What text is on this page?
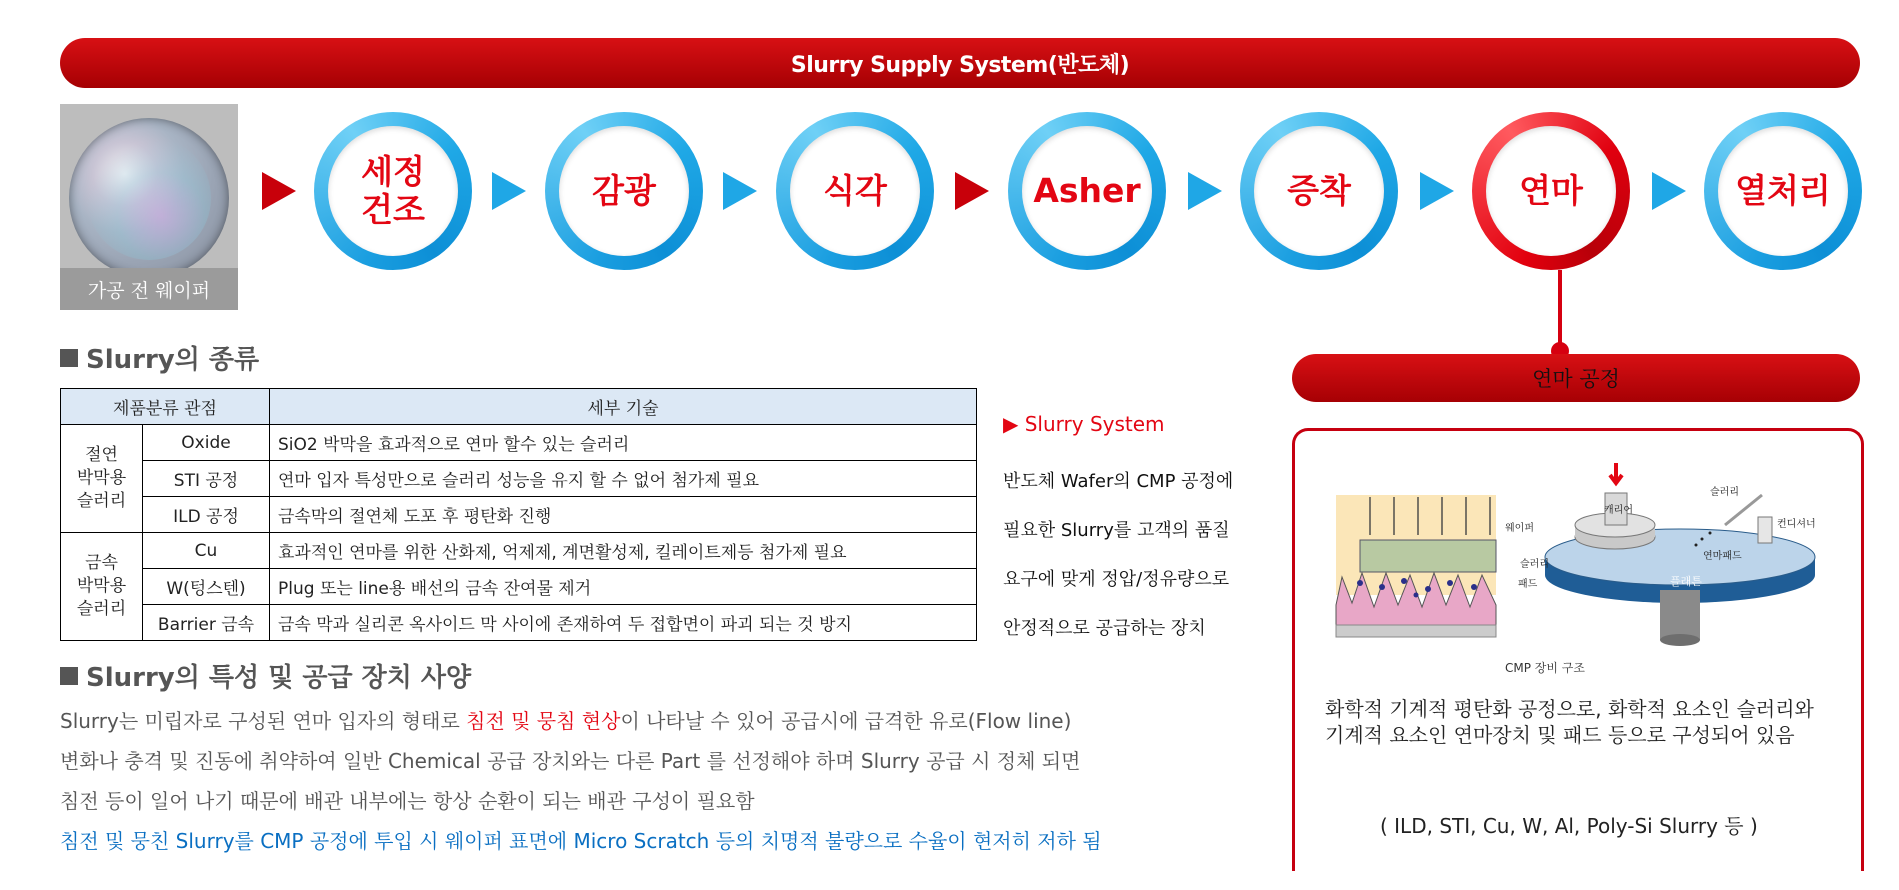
Slurry Supply System(반도체)
가공 전 웨이퍼
세정
건조	감광	식각	Asher	증착	연마	열처리
연마 공정
캐리어
슬러리
컨디셔너
웨이퍼
연마패드
슬러리
패드	플래튼
CMP 장비 구조
화학적 기계적 평탄화 공정으로, 화학적 요소인 슬러리와
기계적 요소인 연마장치 및 패드 등으로 구성되어 있음
( ILD, STI, Cu, W, Al, Poly-Si Slurry 등 )
Slurry의 종류
제품분류 관점		세부 기술
절연
박막용
슬러리	Oxide	SiO2 박막을 효과적으로 연마 할수 있는 슬러리
	STI 공정	연마 입자 특성만으로 슬러리 성능을 유지 할 수 없어 첨가제 필요
	ILD 공정	금속막의 절연체 도포 후 평탄화 진행
금속
박막용
슬러리	Cu	효과적인 연마를 위한 산화제, 억제제, 계면활성제, 킬레이트제등 첨가제 필요
	W(텅스텐)	Plug 또는 line용 배선의 금속 잔여물 제거
	Barrier 금속	금속 막과 실리콘 옥사이드 막 사이에 존재하여 두 접합면이 파괴 되는 것 방지
▶ Slurry System
반도체 Wafer의 CMP 공정에
필요한 Slurry를 고객의 품질
요구에 맞게 정압/정유량으로
안정적으로 공급하는 장치
Slurry의 특성 및 공급 장치 사양
Slurry는 미립자로 구성된 연마 입자의 형태로 침전 및 뭉침 현상이 나타날 수 있어 공급시에 급격한 유로(Flow line)
변화나 충격 및 진동에 취약하여 일반 Chemical 공급 장치와는 다른 Part 를 선정해야 하며 Slurry 공급 시 정체 되면
침전 등이 일어 나기 때문에 배관 내부에는 항상 순환이 되는 배관 구성이 필요함
침전 및 뭉친 Slurry를 CMP 공정에 투입 시 웨이퍼 표면에 Micro Scratch 등의 치명적 불량으로 수율이 현저히 저하 됨
